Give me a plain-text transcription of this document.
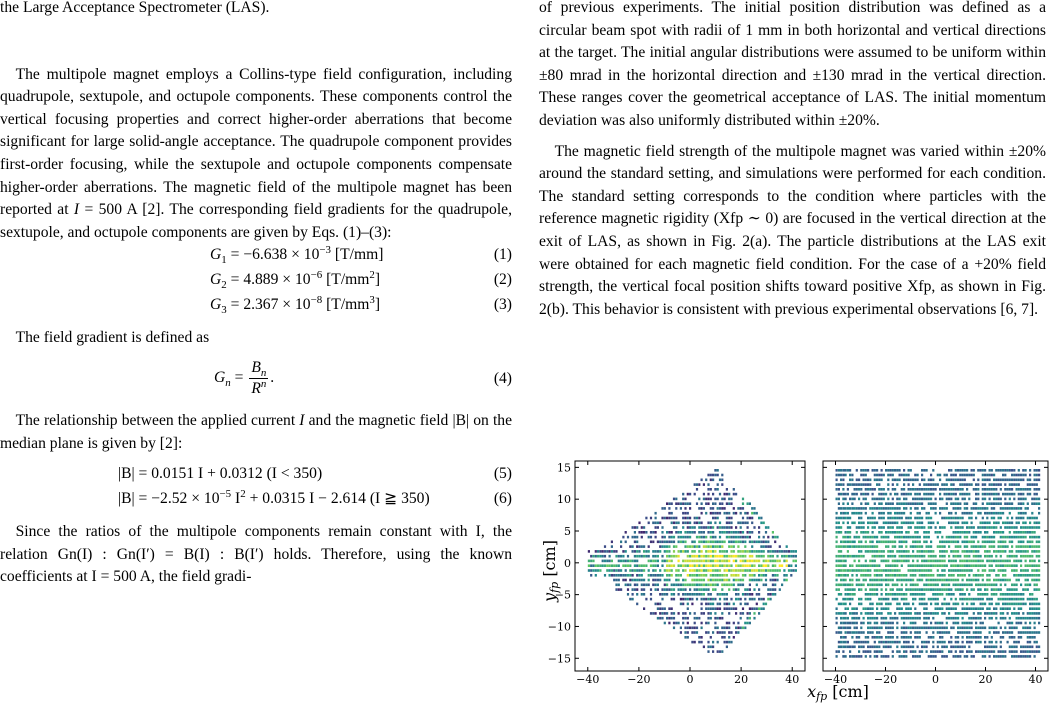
the Large Acceptance Spectrometer (LAS).

The multipole magnet employs a Collins-type field configuration, including quadrupole, sextupole, and octupole components. These components control the vertical focusing properties and correct higher-order aberrations that become significant for large solid-angle acceptance. The quadrupole component provides first-order focusing, while the sextupole and octupole components compensate higher-order aberrations. The magnetic field of the multipole magnet has been reported at I = 500 A [2]. The corresponding field gradients for the quadrupole, sextupole, and octupole components are given by Eqs. (1)–(3):

$G_1 = -6.638 \times 10^{-3}$ [T/mm]	(1)
$G_2 = 4.889 \times 10^{-6}$ $[T/mm^2]$	(2)
$G_3 = 2.367 \times 10^{-8}$ $[T/mm^3]$	(3)

The field gradient is defined as

$G_n = \frac{B_n}{R^n}$ .	(4)

The relationship between the applied current I and the magnetic field |B| on the median plane is given by [2]:

|B| = 0.0151 I + 0.0312 (I < 350)	(5)
$|B| = -2.52 \times 10^{-5}$ $I^2 + 0.0315$ I − 2.614 (I ≧ 350)	(6)

Since the ratios of the multipole components remain constant with I, the relation Gn(I) : Gn(I′) = B(I) : B(I′) holds. Therefore, using the known coefficients at I = 500 A, the field gradi-

of previous experiments. The initial position distribution was defined as a circular beam spot with radii of 1 mm in both horizontal and vertical directions at the target. The initial angular distributions were assumed to be uniform within ±80 mrad in the horizontal direction and ±130 mrad in the vertical direction. These ranges cover the geometrical acceptance of LAS. The initial momentum deviation was also uniformly distributed within ±20%.

The magnetic field strength of the multipole magnet was varied within ±20% around the standard setting, and simulations were performed for each condition. The standard setting corresponds to the condition where particles with the reference magnetic rigidity (Xfp ∼ 0) are focused in the vertical direction at the exit of LAS, as shown in Fig. 2(a). The particle distributions at the LAS exit were obtained for each magnetic field condition. For the case of a +20% field strength, the vertical focal position shifts toward positive Xfp, as shown in Fig. 2(b). This behavior is consistent with previous experimental observations [6, 7].

15
10
5
0
−5
−10
−15
−40	−20	0	20	40 −40 −20	0	20	40
yfp [cm]
xfp [cm]
